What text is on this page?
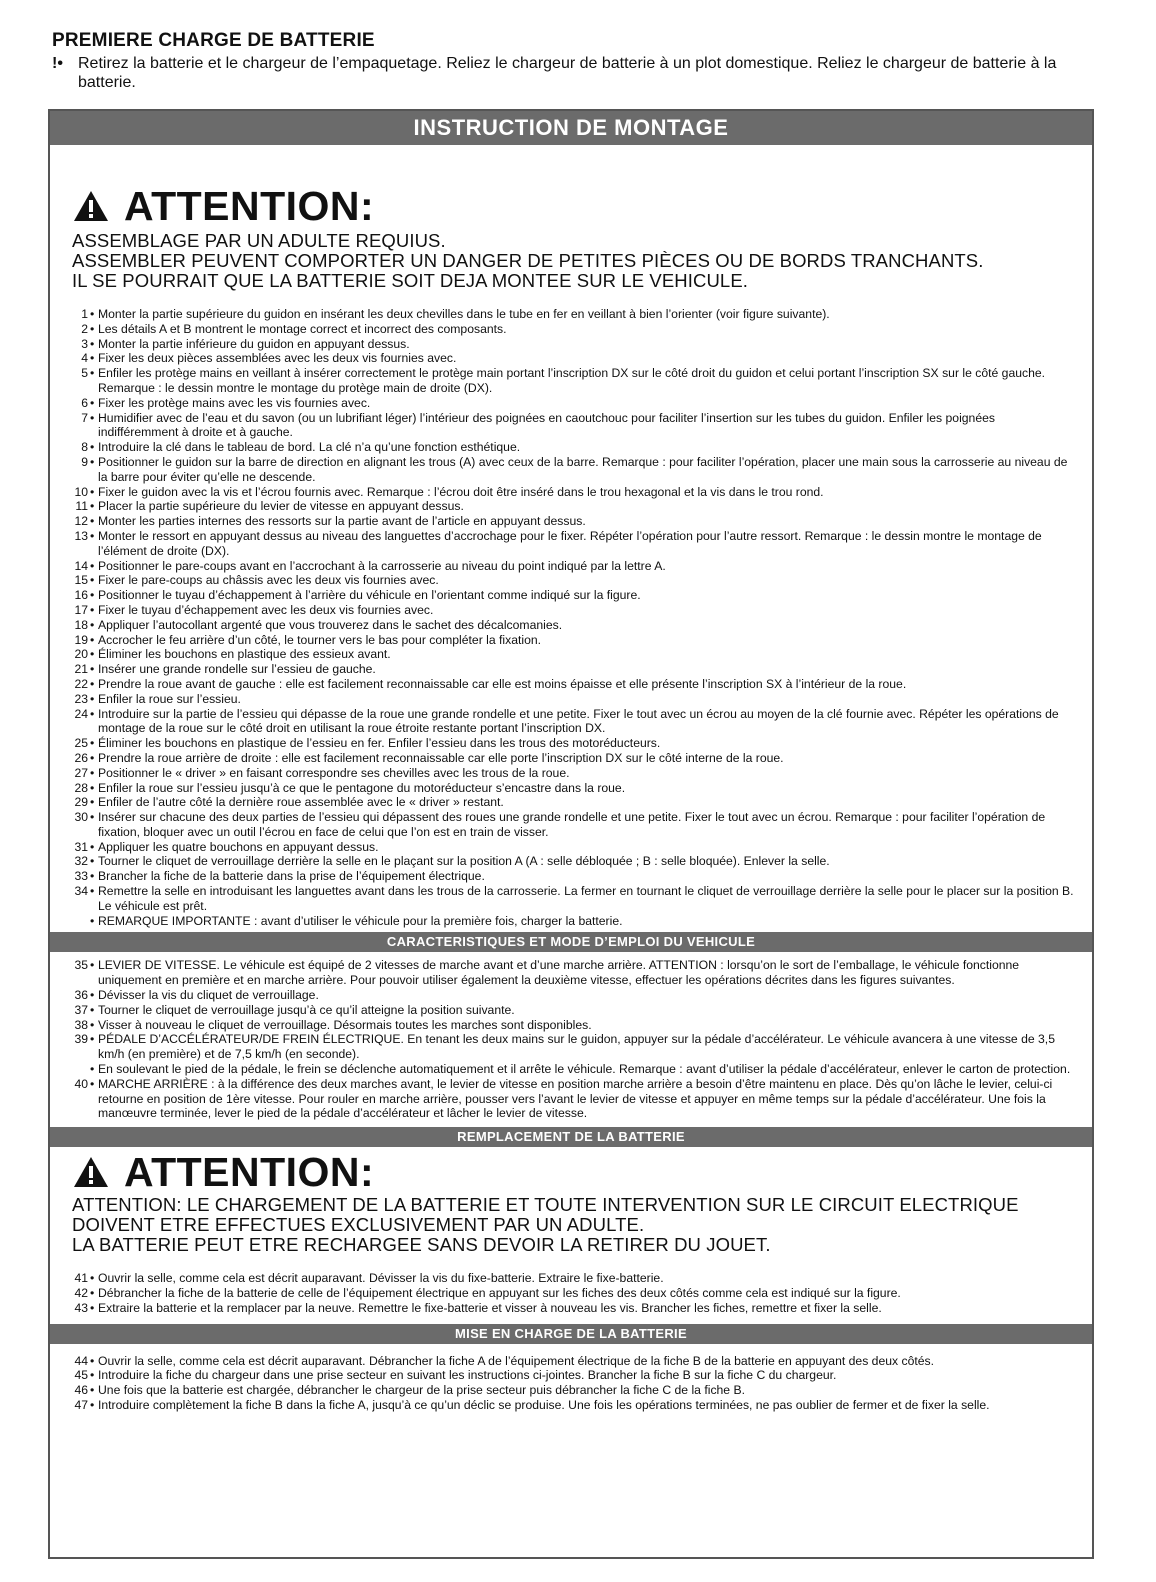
PREMIERE CHARGE DE BATTERIE
!• Retirez la batterie et le chargeur de l’empaquetage. Reliez le chargeur de batterie à un plot domestique. Reliez le chargeur de batterie à la batterie.
INSTRUCTION DE MONTAGE
ATTENTION:
ASSEMBLAGE PAR UN ADULTE REQUIUS.
ASSEMBLER PEUVENT COMPORTER UN DANGER DE PETITES PIÈCES OU DE BORDS TRANCHANTS.
IL SE POURRAIT QUE LA BATTERIE SOIT DEJA MONTEE SUR LE VEHICULE.
1 • Monter la partie supérieure du guidon en insérant les deux chevilles dans le tube en fer en veillant à bien l’orienter (voir figure suivante).
2 • Les détails A et B montrent le montage correct et incorrect des composants.
3 • Monter la partie inférieure du guidon en appuyant dessus.
4 • Fixer les deux pièces assemblées avec les deux vis fournies avec.
5 • Enfiler les protège mains en veillant à insérer correctement le protège main portant l’inscription DX sur le côté droit du guidon et celui portant l’inscription SX sur le côté gauche. Remarque : le dessin montre le montage du protège main de droite (DX).
6 • Fixer les protège mains avec les vis fournies avec.
7 • Humidifier avec de l’eau et du savon (ou un lubrifiant léger) l’intérieur des poignées en caoutchouc pour faciliter l’insertion sur les tubes du guidon. Enfiler les poignées indifféremment à droite et à gauche.
8 • Introduire la clé dans le tableau de bord. La clé n’a qu’une fonction esthétique.
9 • Positionner le guidon sur la barre de direction en alignant les trous (A) avec ceux de la barre. Remarque : pour faciliter l’opération, placer une main sous la carrosserie au niveau de la barre pour éviter qu’elle ne descende.
10 • Fixer le guidon avec la vis et l’écrou fournis avec. Remarque : l’écrou doit être inséré dans le trou hexagonal et la vis dans le trou rond.
11 • Placer la partie supérieure du levier de vitesse en appuyant dessus.
12 • Monter les parties internes des ressorts sur la partie avant de l’article en appuyant dessus.
13 • Monter le ressort en appuyant dessus au niveau des languettes d’accrochage pour le fixer. Répéter l’opération pour l’autre ressort. Remarque : le dessin montre le montage de l’élément de droite (DX).
14 • Positionner le pare-coups avant en l’accrochant à la carrosserie au niveau du point indiqué par la lettre A.
15 • Fixer le pare-coups au châssis avec les deux vis fournies avec.
16 • Positionner le tuyau d’échappement à l’arrière du véhicule en l’orientant comme indiqué sur la figure.
17 • Fixer le tuyau d’échappement avec les deux vis fournies avec.
18 • Appliquer l’autocollant argenté que vous trouverez dans le sachet des décalcomanies.
19 • Accrocher le feu arrière d’un côté, le tourner vers le bas pour compléter la fixation.
20 • Éliminer les bouchons en plastique des essieux avant.
21 • Insérer une grande rondelle sur l’essieu de gauche.
22 • Prendre la roue avant de gauche : elle est facilement reconnaissable car elle est moins épaisse et elle présente l’inscription SX à l’intérieur de la roue.
23 • Enfiler la roue sur l’essieu.
24 • Introduire sur la partie de l’essieu qui dépasse de la roue une grande rondelle et une petite. Fixer le tout avec un écrou au moyen de la clé fournie avec. Répéter les opérations de montage de la roue sur le côté droit en utilisant la roue étroite restante portant l’inscription DX.
25 • Éliminer les bouchons en plastique de l’essieu en fer. Enfiler l’essieu dans les trous des motoréducteurs.
26 • Prendre la roue arrière de droite : elle est facilement reconnaissable car elle porte l’inscription DX sur le côté interne de la roue.
27 • Positionner le « driver » en faisant correspondre ses chevilles avec les trous de la roue.
28 • Enfiler la roue sur l’essieu jusqu’à ce que le pentagone du motoréducteur s’encastre dans la roue.
29 • Enfiler de l’autre côté la dernière roue assemblée avec le « driver » restant.
30 • Insérer sur chacune des deux parties de l’essieu qui dépassent des roues une grande rondelle et une petite. Fixer le tout avec un écrou. Remarque : pour faciliter l’opération de fixation, bloquer avec un outil l’écrou en face de celui que l’on est en train de visser.
31 • Appliquer les quatre bouchons en appuyant dessus.
32 • Tourner le cliquet de verrouillage derrière la selle en le plaçant sur la position A (A : selle débloquée ; B : selle bloquée). Enlever la selle.
33 • Brancher la fiche de la batterie dans la prise de l’équipement électrique.
34 • Remettre la selle en introduisant les languettes avant dans les trous de la carrosserie. La fermer en tournant le cliquet de verrouillage derrière la selle pour le placer sur la position B. Le véhicule est prêt.
• REMARQUE IMPORTANTE : avant d’utiliser le véhicule pour la première fois, charger la batterie.
CARACTERISTIQUES ET MODE D’EMPLOI DU VEHICULE
35 • LEVIER DE VITESSE. Le véhicule est équipé de 2 vitesses de marche avant et d’une marche arrière. ATTENTION : lorsqu’on le sort de l’emballage, le véhicule fonctionne uniquement en première et en marche arrière. Pour pouvoir utiliser également la deuxième vitesse, effectuer les opérations décrites dans les figures suivantes.
36 • Dévisser la vis du cliquet de verrouillage.
37 • Tourner le cliquet de verrouillage jusqu’à ce qu’il atteigne la position suivante.
38 • Visser à nouveau le cliquet de verrouillage. Désormais toutes les marches sont disponibles.
39 • PÉDALE D’ACCÉLÉRATEUR/DE FREIN ÉLECTRIQUE. En tenant les deux mains sur le guidon, appuyer sur la pédale d’accélérateur. Le véhicule avancera à une vitesse de 3,5 km/h (en première) et de 7,5 km/h (en seconde).
• En soulevant le pied de la pédale, le frein se déclenche automatiquement et il arrête le véhicule. Remarque : avant d’utiliser la pédale d’accélérateur, enlever le carton de protection.
40 • MARCHE ARRIÈRE : à la différence des deux marches avant, le levier de vitesse en position marche arrière a besoin d’être maintenu en place. Dès qu’on lâche le levier, celui-ci retourne en position de 1ère vitesse. Pour rouler en marche arrière, pousser vers l’avant le levier de vitesse et appuyer en même temps sur la pédale d’accélérateur. Une fois la manœuvre terminée, lever le pied de la pédale d’accélérateur et lâcher le levier de vitesse.
REMPLACEMENT DE LA BATTERIE
ATTENTION:
ATTENTION: LE CHARGEMENT DE LA BATTERIE ET TOUTE INTERVENTION SUR LE CIRCUIT ELECTRIQUE
DOIVENT ETRE EFFECTUES EXCLUSIVEMENT PAR UN ADULTE.
LA BATTERIE PEUT ETRE RECHARGEE SANS DEVOIR LA RETIRER DU JOUET.
41 • Ouvrir la selle, comme cela est décrit auparavant. Dévisser la vis du fixe-batterie. Extraire le fixe-batterie.
42 • Débrancher la fiche de la batterie de celle de l’équipement électrique en appuyant sur les fiches des deux côtés comme cela est indiqué sur la figure.
43 • Extraire la batterie et la remplacer par la neuve. Remettre le fixe-batterie et visser à nouveau les vis. Brancher les fiches, remettre et fixer la selle.
MISE EN CHARGE DE LA BATTERIE
44 • Ouvrir la selle, comme cela est décrit auparavant. Débrancher la fiche A de l’équipement électrique de la fiche B de la batterie en appuyant des deux côtés.
45 • Introduire la fiche du chargeur dans une prise secteur en suivant les instructions ci-jointes. Brancher la fiche B sur la fiche C du chargeur.
46 • Une fois que la batterie est chargée, débrancher le chargeur de la prise secteur puis débrancher la fiche C de la fiche B.
47 • Introduire complètement la fiche B dans la fiche A, jusqu’à ce qu’un déclic se produise. Une fois les opérations terminées, ne pas oublier de fermer et de fixer la selle.
